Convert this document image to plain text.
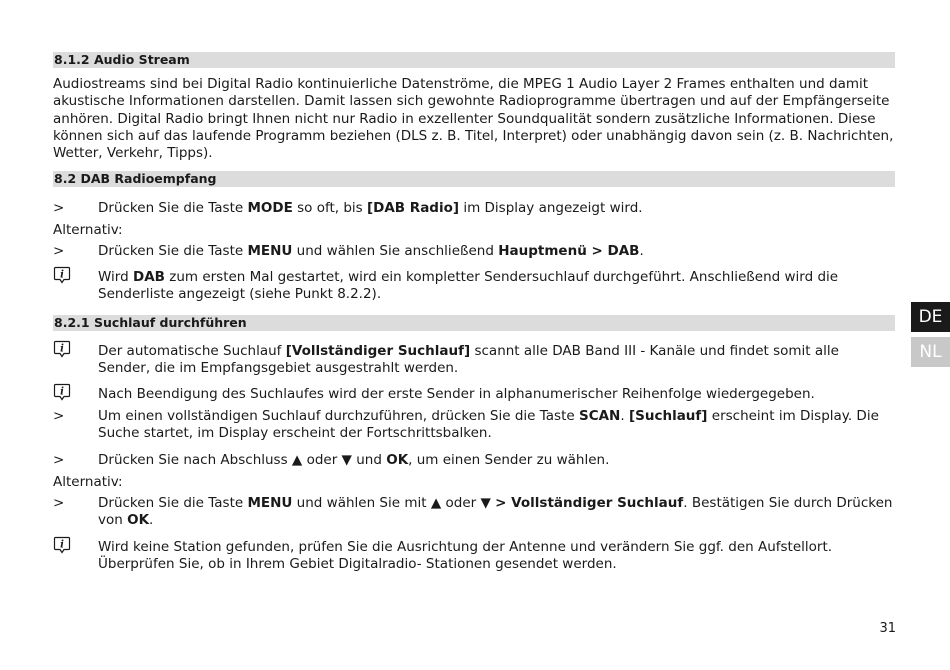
8.1.2 Audio Stream

Audiostreams sind bei Digital Radio kontinuierliche Datenströme, die MPEG 1 Audio Layer 2 Frames enthalten und damit akustische Informationen darstellen. Damit lassen sich gewohnte Radioprogramme übertragen und auf der Empfängerseite anhören. Digital Radio bringt Ihnen nicht nur Radio in exzellenter Soundqualität sondern zusätzliche Informationen. Diese können sich auf das laufende Programm beziehen (DLS z. B. Titel, Interpret) oder unabhängig davon sein (z. B. Nachrichten, Wetter, Verkehr, Tipps).

8.2 DAB Radioempfang
>	Drücken Sie die Taste MODE so oft, bis [DAB Radio] im Display angezeigt wird.
Alternativ:
>	Drücken Sie die Taste MENU und wählen Sie anschließend Hauptmenü > DAB.
i	Wird DAB zum ersten Mal gestartet, wird ein kompletter Sendersuchlauf durchgeführt. Anschließend wird die Senderliste angezeigt (siehe Punkt 8.2.2).
8.2.1 Suchlauf durchführen
i	Der automatische Suchlauf [Vollständiger Suchlauf] scannt alle DAB Band III - Kanäle und findet somit alle Sender, die im Empfangsgebiet ausgestrahlt werden.
i	Nach Beendigung des Suchlaufes wird der erste Sender in alphanumerischer Reihenfolge wiedergegeben.
>	Um einen vollständigen Suchlauf durchzuführen, drücken Sie die Taste SCAN. [Suchlauf] erscheint im Display. Die Suche startet, im Display erscheint der Fortschrittsbalken.
>	Drücken Sie nach Abschluss ▲ oder ▼ und OK, um einen Sender zu wählen.
Alternativ:
>	Drücken Sie die Taste MENU und wählen Sie mit ▲ oder ▼ > Vollständiger Suchlauf. Bestätigen Sie durch Drücken von OK.
i	Wird keine Station gefunden, prüfen Sie die Ausrichtung der Antenne und verändern Sie ggf. den Aufstellort. Überprüfen Sie, ob in Ihrem Gebiet Digitalradio- Stationen gesendet werden.
DE
NL
31
